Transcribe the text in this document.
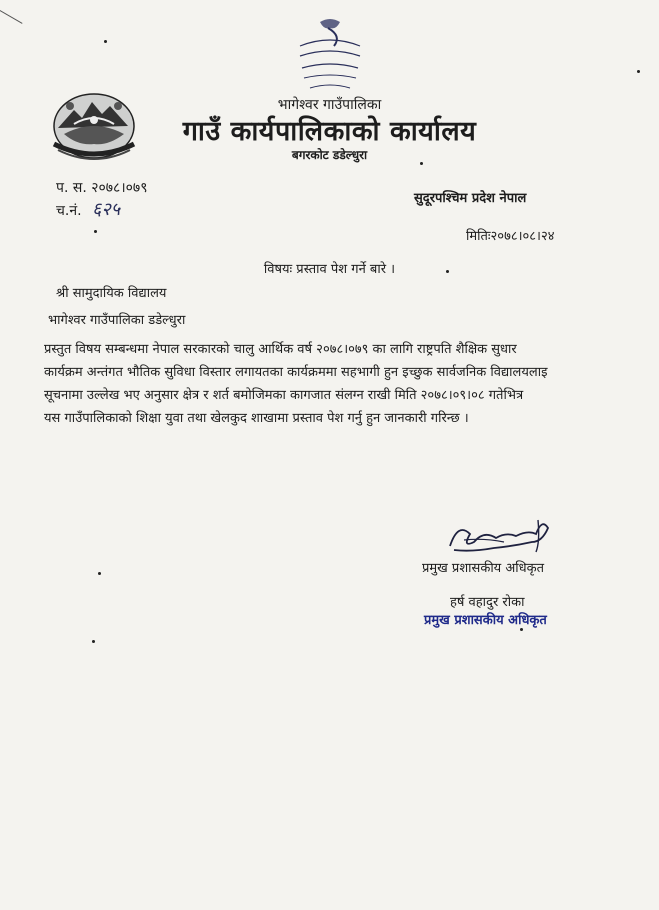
भागेश्वर गाउँपालिका
गाउँ कार्यपालिकाको कार्यालय
बगरकोट डडेल्धुरा
प. स. २०७८।०७९
च.नं. ६२५
सुदूरपश्चिम प्रदेश नेपाल
मितिः२०७८।०८।२४
विषयः प्रस्ताव पेश गर्ने बारे ।
श्री सामुदायिक विद्यालय
भागेश्वर गाउँपालिका डडेल्धुरा
प्रस्तुत विषय सम्बन्धमा नेपाल सरकारको चालु आर्थिक वर्ष २०७८।०७९ का लागि राष्ट्रपति शैक्षिक सुधार
कार्यक्रम अन्तंगत भौतिक सुविधा विस्तार लगायतका कार्यक्रममा सहभागी हुन इच्छुक सार्वजनिक विद्यालयलाइ
सूचनामा उल्लेख भए अनुसार क्षेत्र र शर्त बमोजिमका कागजात संलग्न राखी मिति २०७८।०९।०८ गतेभित्र
यस गाउँपालिकाको शिक्षा युवा तथा खेलकुद शाखामा प्रस्ताव पेश गर्नु हुन जानकारी गरिन्छ ।
प्रमुख प्रशासकीय अधिकृत
हर्ष वहादुर रोका
प्रमुख प्रशासकीय अधिकृत
